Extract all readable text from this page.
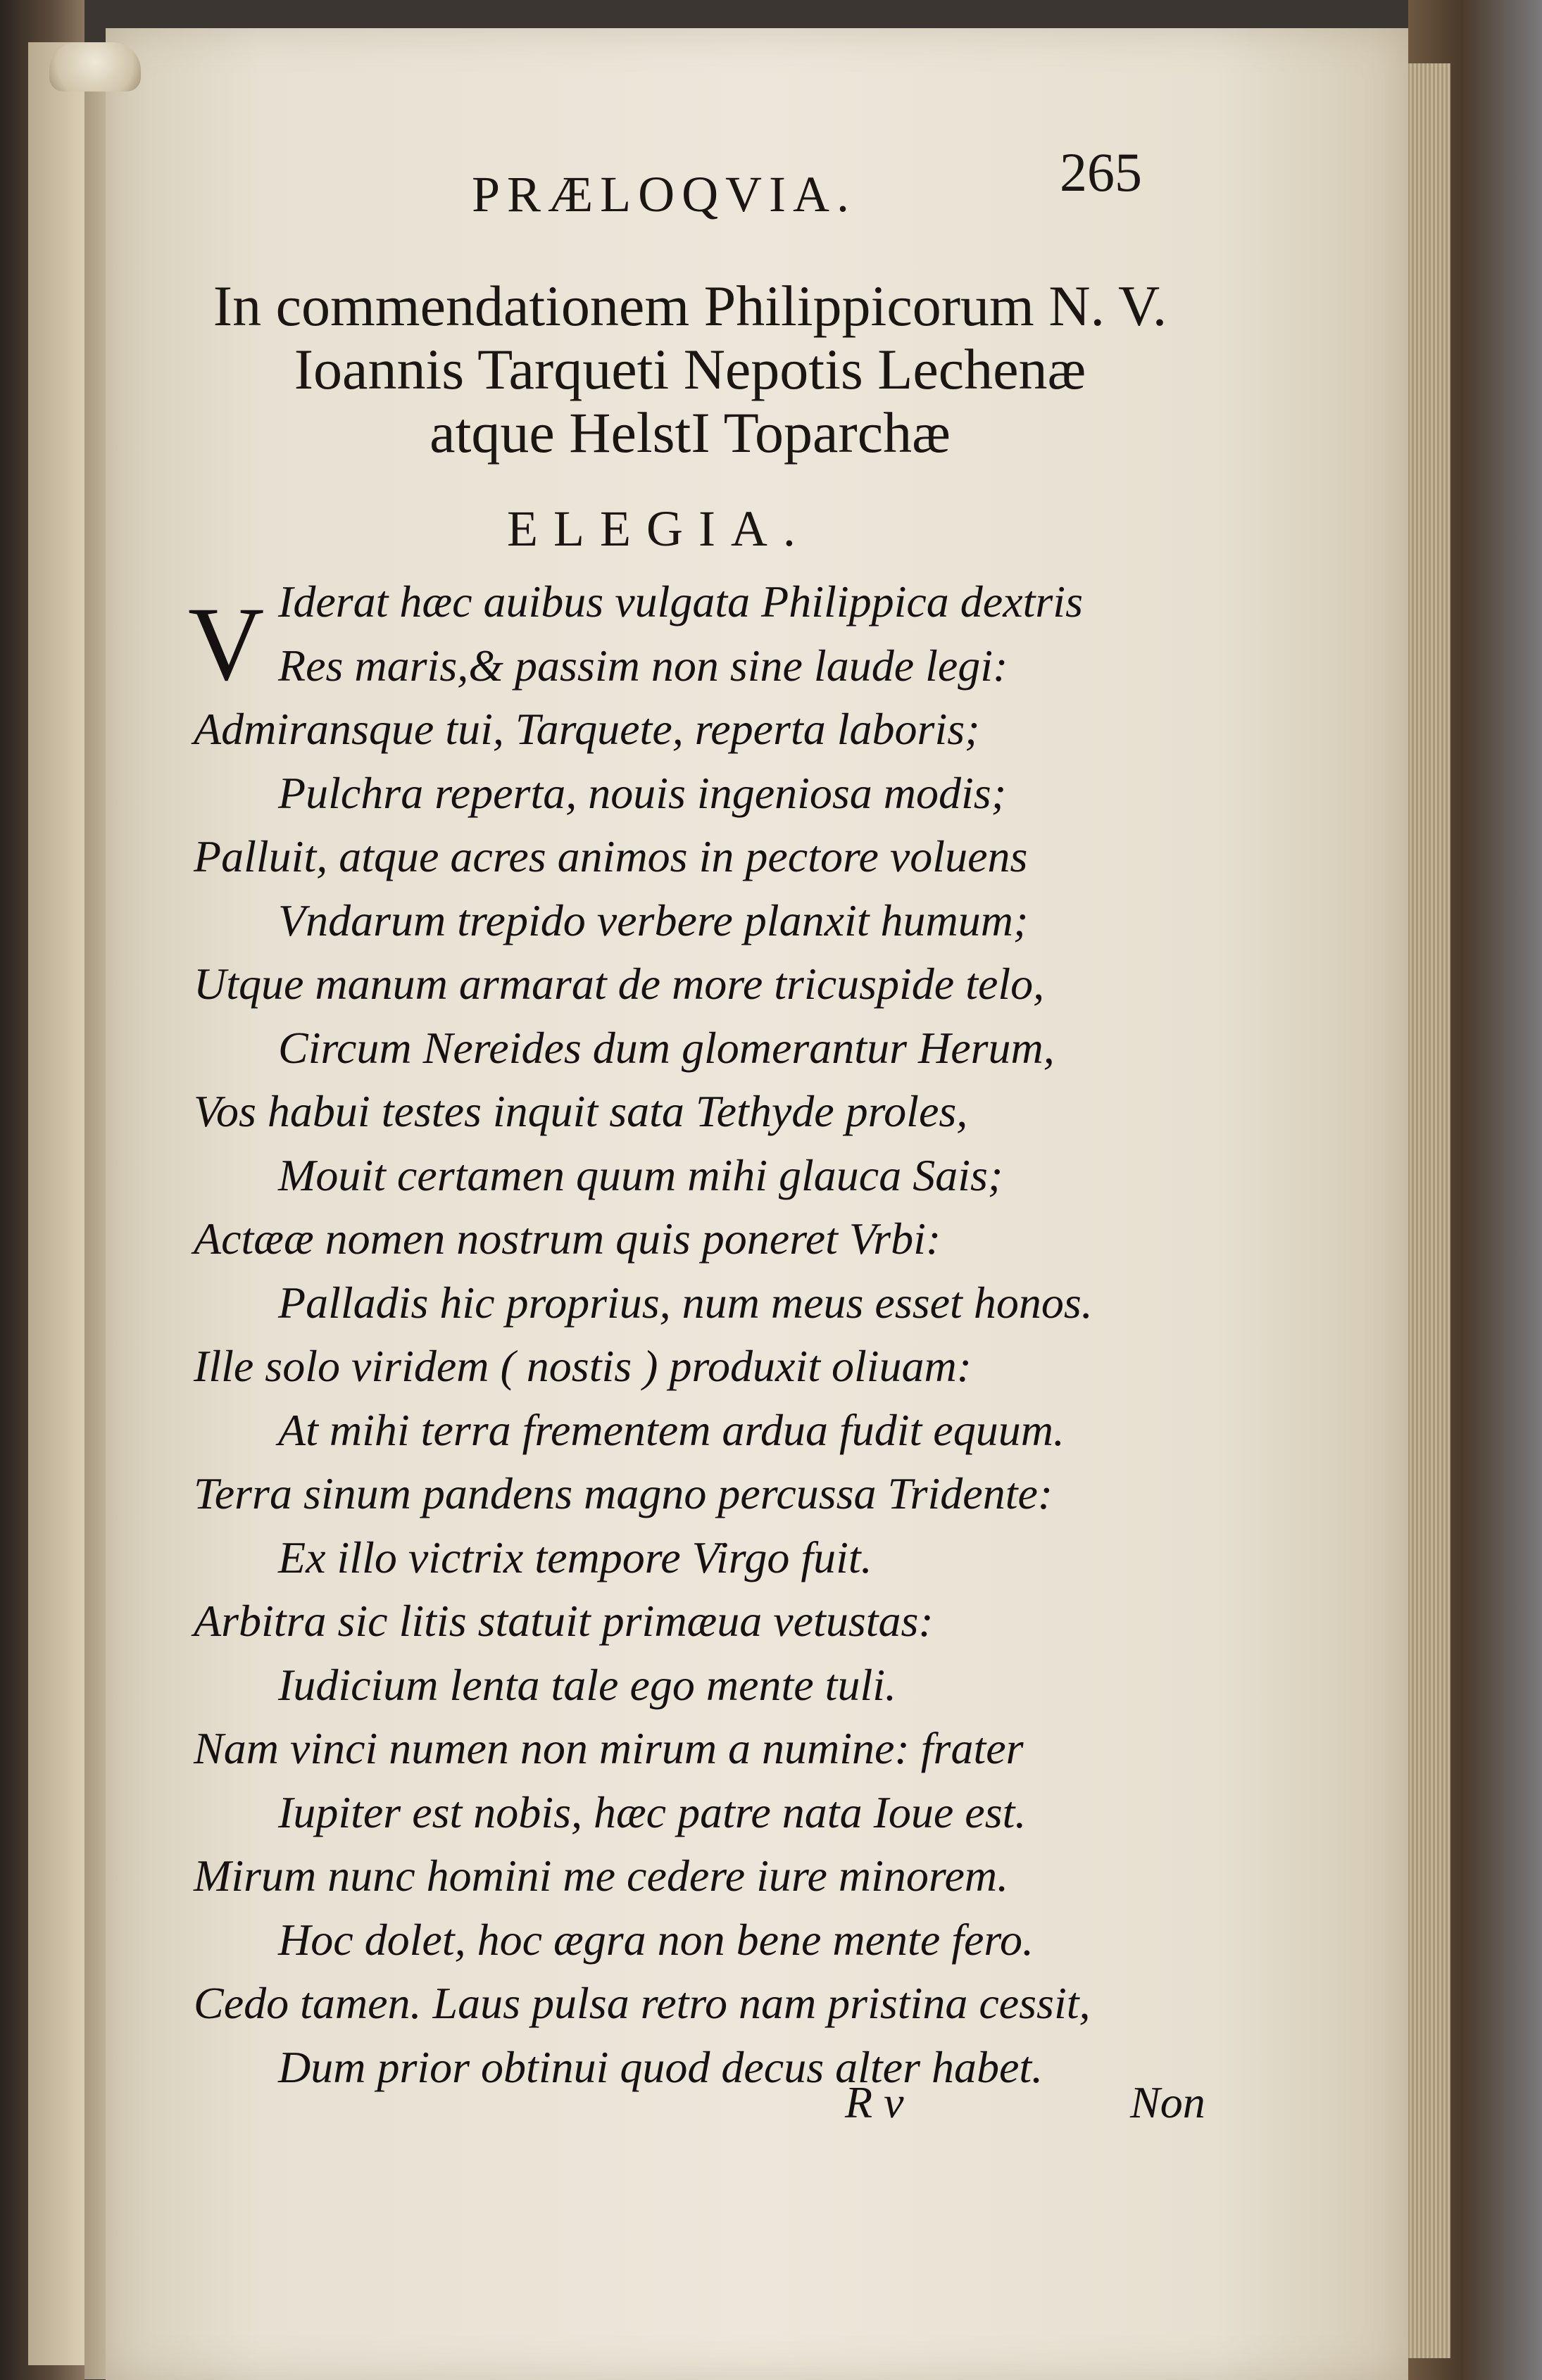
PRÆLOQVIA.	265
In commendationem Philippicorum N. V.
Ioannis Tarqueti Nepotis Lechenæ
atque HelstI Toparchæ
ELEGIA.
V Iderat hæc auibus vulgata Philippica dextris
Res maris,& passim non sine laude legi:
Admiransque tui, Tarquete, reperta laboris;
Pulchra reperta, nouis ingeniosa modis;
Palluit, atque acres animos in pectore voluens
Vndarum trepido verbere planxit humum;
Utque manum armarat de more tricuspide telo,
Circum Nereides dum glomerantur Herum,
Vos habui testes inquit sata Tethyde proles,
Mouit certamen quum mihi glauca Sais;
Actææ nomen nostrum quis poneret Vrbi:
Palladis hic proprius, num meus esset honos.
Ille solo viridem ( nostis ) produxit oliuam:
At mihi terra frementem ardua fudit equum.
Terra sinum pandens magno percussa Tridente:
Ex illo victrix tempore Virgo fuit.
Arbitra sic litis statuit primæua vetustas:
Iudicium lenta tale ego mente tuli.
Nam vinci numen non mirum a numine: frater
Iupiter est nobis, hæc patre nata Ioue est.
Mirum nunc homini me cedere iure minorem.
Hoc dolet, hoc ægra non bene mente fero.
Cedo tamen. Laus pulsa retro nam pristina cessit,
Dum prior obtinui quod decus alter habet.
R v	Non
